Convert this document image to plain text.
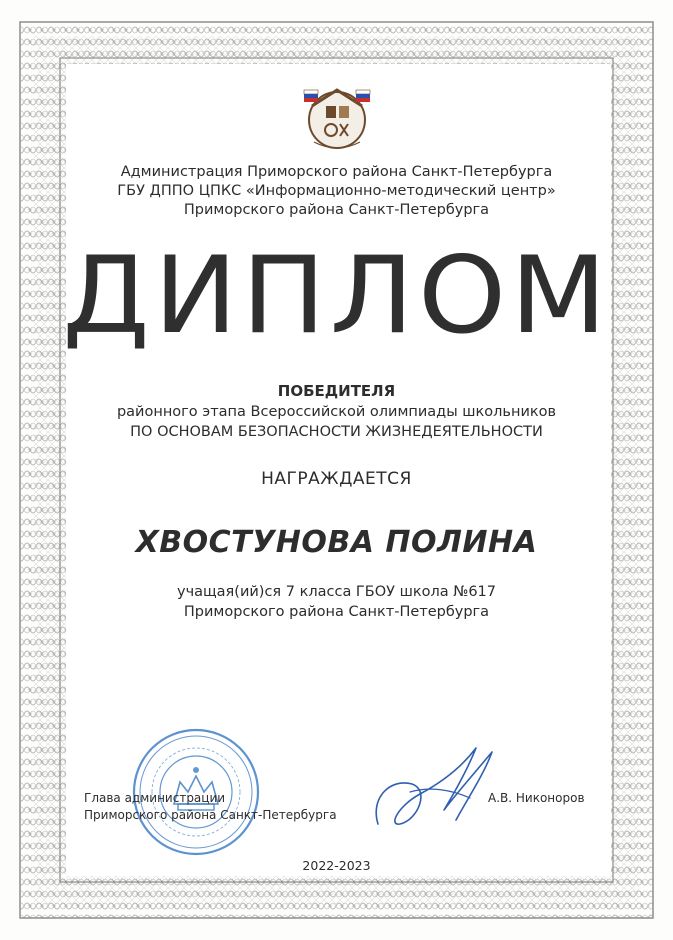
Администрация Приморского района Санкт-Петербурга
ГБУ ДППО ЦПКС «Информационно-методический центр»
Приморского района Санкт-Петербурга
ДИПЛОМ
ПОБЕДИТЕЛЯ
районного этапа Всероссийской олимпиады школьников
ПО ОСНОВАМ БЕЗОПАСНОСТИ ЖИЗНЕДЕЯТЕЛЬНОСТИ
НАГРАЖДАЕТСЯ
ХВОСТУНОВА ПОЛИНА
учащая(ий)ся 7 класса ГБОУ школа №617
Приморского района Санкт-Петербурга
Глава администрации
Приморского района Санкт-Петербурга
А.В. Никоноров
2022-2023
